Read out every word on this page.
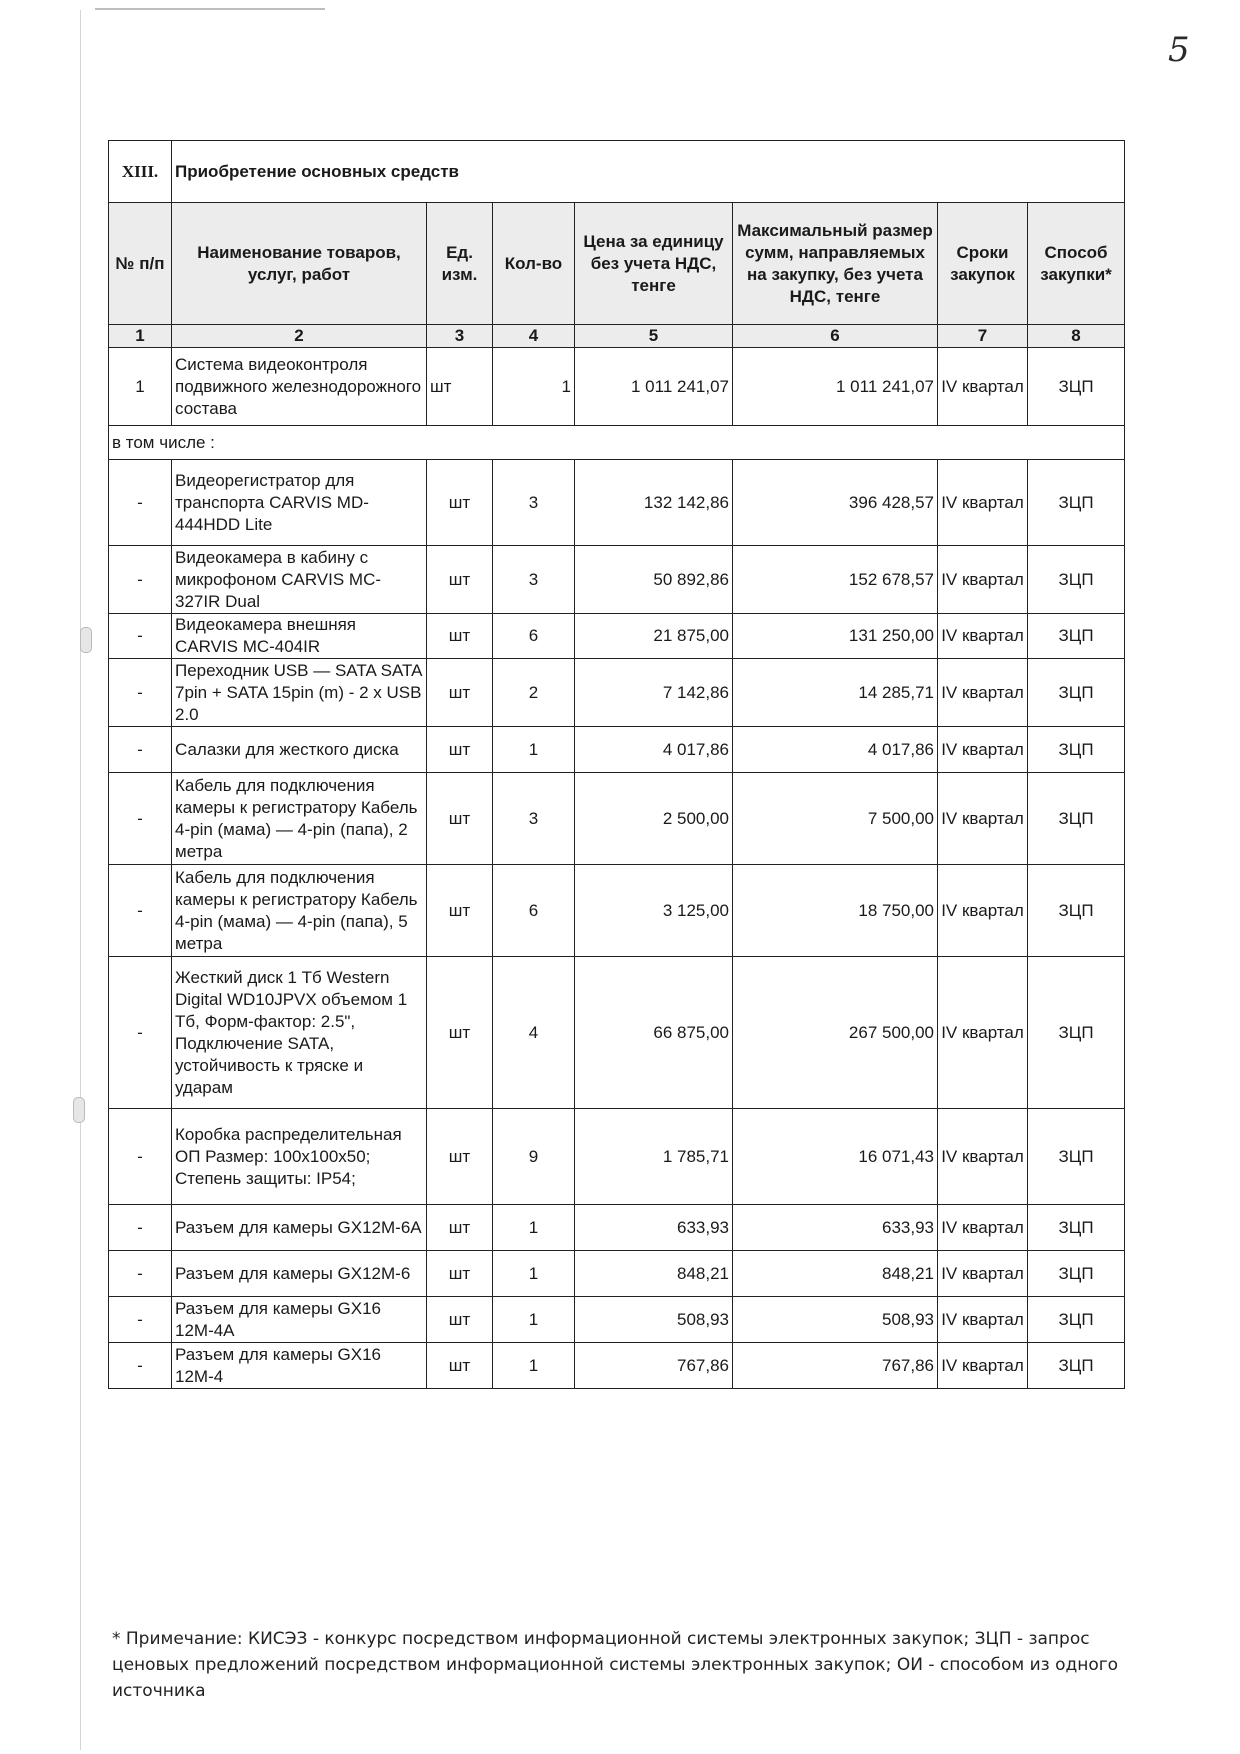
5
XIII.	Приобретение основных средств						
№ п/п	Наименование товаров, услуг, работ	Ед. изм.	Кол-во	Цена за единицу без учета НДС, тенге	Максимальный размер сумм, направляемых на закупку, без учета НДС, тенге	Сроки закупок	Способ закупки*
1	2	3	4	5	6	7	8
1	Система видеоконтроля подвижного железнодорожного состава	шт	1	1 011 241,07	1 011 241,07	IV квартал	ЗЦП
в том числе :							
-	Видеорегистратор для транспорта CARVIS MD-444HDD Lite	шт	3	132 142,86	396 428,57	IV квартал	ЗЦП
-	Видеокамера в кабину с микрофоном CARVIS MC-327IR Dual	шт	3	50 892,86	152 678,57	IV квартал	ЗЦП
-	Видеокамера внешняя CARVIS MC-404IR	шт	6	21 875,00	131 250,00	IV квартал	ЗЦП
-	Переходник USB — SATA SATA 7pin + SATA 15pin (m) - 2 x USB 2.0	шт	2	7 142,86	14 285,71	IV квартал	ЗЦП
-	Салазки для жесткого диска	шт	1	4 017,86	4 017,86	IV квартал	ЗЦП
-	Кабель для подключения камеры к регистратору Кабель 4-pin (мама) — 4-pin (папа), 2 метра	шт	3	2 500,00	7 500,00	IV квартал	ЗЦП
-	Кабель для подключения камеры к регистратору Кабель 4-pin (мама) — 4-pin (папа), 5 метра	шт	6	3 125,00	18 750,00	IV квартал	ЗЦП
-	Жесткий диск 1 Тб Western Digital WD10JPVX объемом 1 Тб, Форм-фактор: 2.5", Подключение SATA, устойчивость к тряске и ударам	шт	4	66 875,00	267 500,00	IV квартал	ЗЦП
-	Коробка распределительная ОП Размер: 100х100х50; Степень защиты: IP54;	шт	9	1 785,71	16 071,43	IV квартал	ЗЦП
-	Разъем для камеры GX12M-6A	шт	1	633,93	633,93	IV квартал	ЗЦП
-	Разъем для камеры GX12M-6	шт	1	848,21	848,21	IV квартал	ЗЦП
-	Разъем для камеры GX16 12M-4A	шт	1	508,93	508,93	IV квартал	ЗЦП
-	Разъем для камеры GX16 12M-4	шт	1	767,86	767,86	IV квартал	ЗЦП
* Примечание: КИСЭЗ - конкурс посредством информационной системы электронных закупок; ЗЦП - запрос ценовых предложений посредством информационной системы электронных закупок; ОИ - способом из одного источника
